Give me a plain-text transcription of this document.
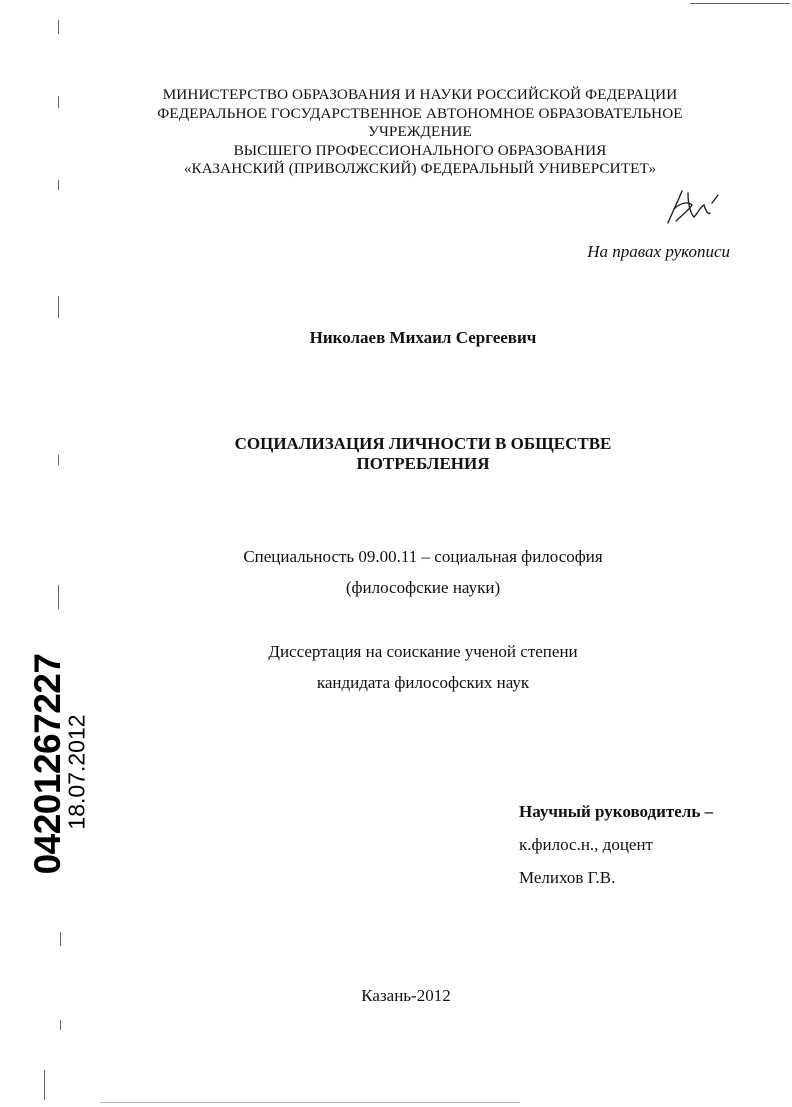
МИНИСТЕРСТВО ОБРАЗОВАНИЯ И НАУКИ РОССИЙСКОЙ ФЕДЕРАЦИИ
ФЕДЕРАЛЬНОЕ ГОСУДАРСТВЕННОЕ АВТОНОМНОЕ ОБРАЗОВАТЕЛЬНОЕ
УЧРЕЖДЕНИЕ
ВЫСШЕГО ПРОФЕССИОНАЛЬНОГО ОБРАЗОВАНИЯ
«КАЗАНСКИЙ (ПРИВОЛЖСКИЙ) ФЕДЕРАЛЬНЫЙ УНИВЕРСИТЕТ»
На правах рукописи
Николаев Михаил Сергеевич
СОЦИАЛИЗАЦИЯ ЛИЧНОСТИ В ОБЩЕСТВЕ
ПОТРЕБЛЕНИЯ
Специальность 09.00.11 – социальная философия
(философские науки)
Диссертация на соискание ученой степени
кандидата философских наук
Научный руководитель –
к.филос.н., доцент
Мелихов Г.В.
Казань-2012
04201267227
18.07.2012
